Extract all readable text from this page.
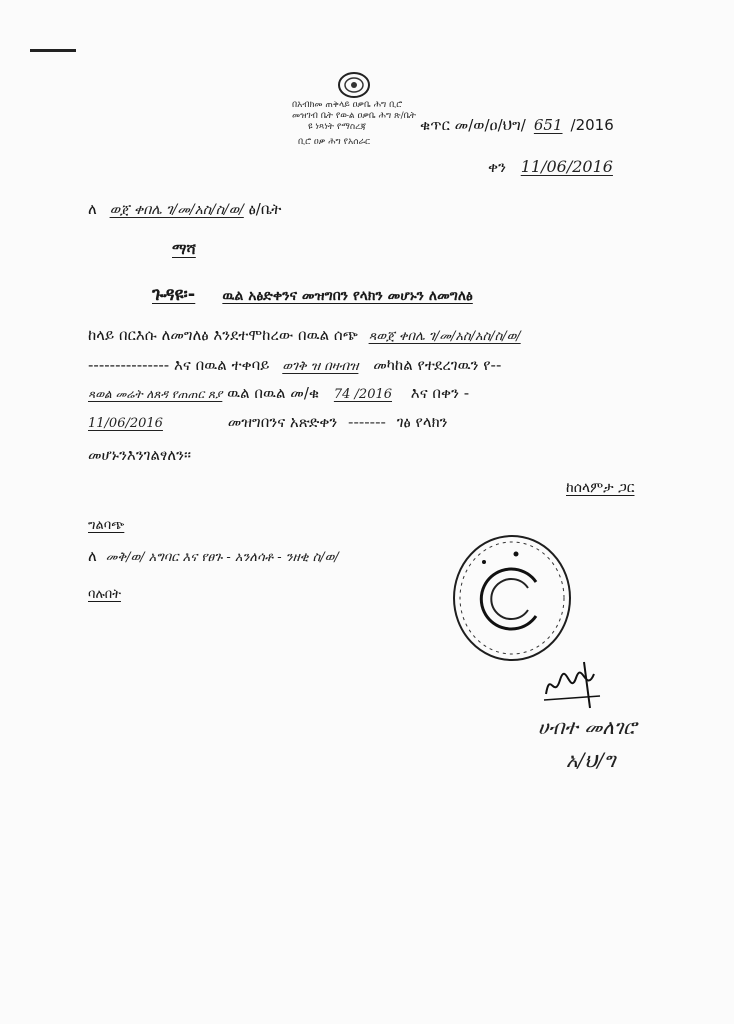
በአብክመ ጠቅላይ ዐቃቤ ሕግ ቢሮ
መዝገብ ቤት የውል ዐቃቤ ሕግ ጽ/ቤት
ዩ ነጻነት የማስረጃ
ቢሮ ዐቃ ሕግ የአሰራር
ቁጥር መ/ወ/ዐ/ህግ/ 651 /2016
ቀን 11/06/2016
ለ ወጀ ቀበሌ ገ/መ/አስ/ስ/ወ/ ፅ/ቤት
ማሻ
ጉዳዩ፡- ዉል አፅድቀንና መዝግበን የላክን መሆኑን ለመግለፅ
ከላይ በርእሱ ለመግለፅ እንደተሞከረው በዉል ሰጭ ጻወጀ ቀበሌ ገ/መ/አስ/አስ/ስ/ወ/
--------------- እና በዉል ተቀባይ ወገቅ ዝ በዛብዝ መካከል የተደረገዉን የ--
ጻወል መሬት ለጸዳ የጠጠር ጸያ ዉል በዉል መ/ቁ 74 /2016 እና በቀን -
11/06/2016	መዝግበንና አጽድቀን ------- ገፅ የላክን
መሆኑንእንገልፃለን፡፡
ከሰላምታ ጋር
ግልባጭ
ለ መቅ/ወ/ አግባር እና የፀጉ - አንለሳቶ - ንዘቂ ስ/ወ/
ባሉበት
ሀብተ መለገሮ
አ/ህ/ግ
